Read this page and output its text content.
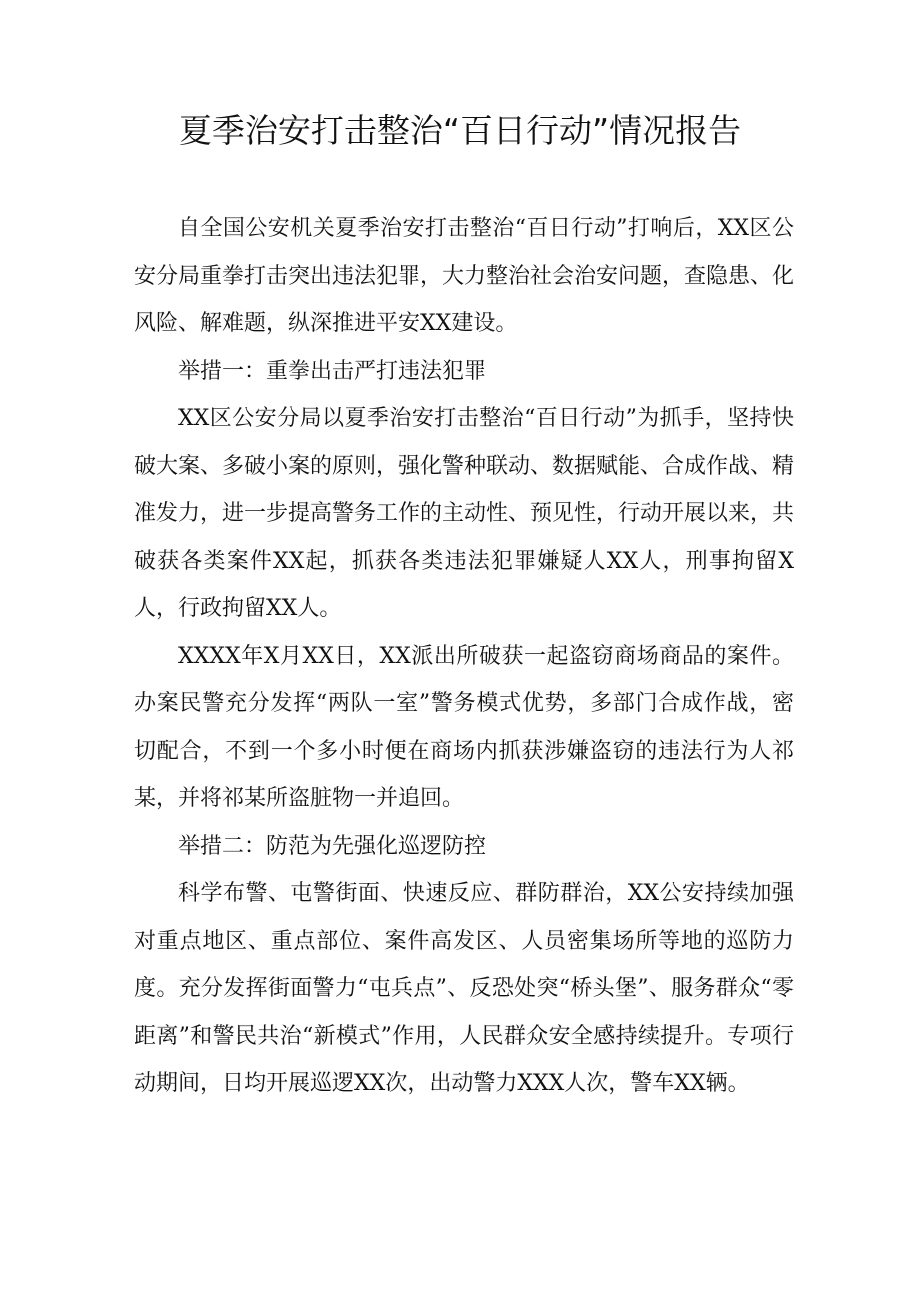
夏季治安打击整治“百日行动”情况报告

自全国公安机关夏季治安打击整治“百日行动”打响后，XX区公安分局重拳打击突出违法犯罪，大力整治社会治安问题，查隐患、化风险、解难题，纵深推进平安XX建设。

举措一：重拳出击严打违法犯罪

XX区公安分局以夏季治安打击整治“百日行动”为抓手，坚持快破大案、多破小案的原则，强化警种联动、数据赋能、合成作战、精准发力，进一步提高警务工作的主动性、预见性，行动开展以来，共破获各类案件XX起，抓获各类违法犯罪嫌疑人XX人，刑事拘留X人，行政拘留XX人。

XXXX年X月XX日，XX派出所破获一起盗窃商场商品的案件。办案民警充分发挥“两队一室”警务模式优势，多部门合成作战，密切配合，不到一个多小时便在商场内抓获涉嫌盗窃的违法行为人祁某，并将祁某所盗脏物一并追回。

举措二：防范为先强化巡逻防控

科学布警、屯警街面、快速反应、群防群治，XX公安持续加强对重点地区、重点部位、案件高发区、人员密集场所等地的巡防力度。充分发挥街面警力“屯兵点”、反恐处突“桥头堡”、服务群众“零距离”和警民共治“新模式”作用，人民群众安全感持续提升。专项行动期间，日均开展巡逻XX次，出动警力XXX人次，警车XX辆。
